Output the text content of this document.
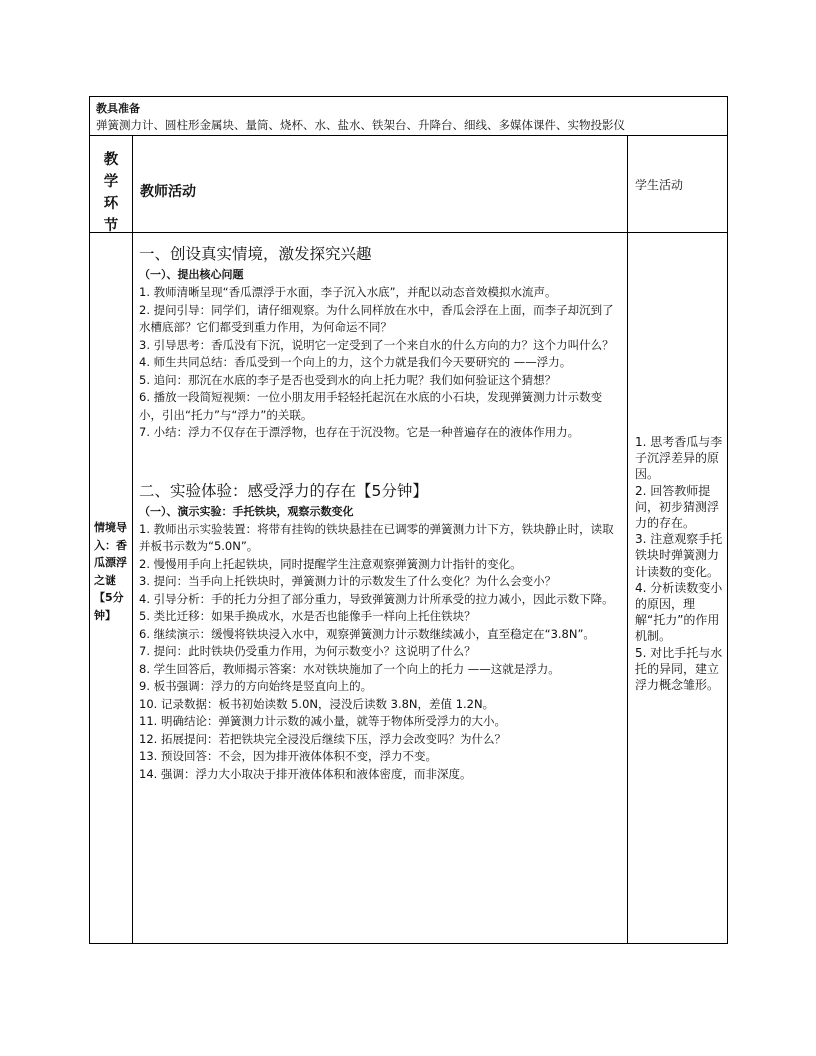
教具准备
弹簧测力计、圆柱形金属块、量筒、烧杯、水、盐水、铁架台、升降台、细线、多媒体课件、实物投影仪
教
学
环
节
教师活动	学生活动
情境导入：香瓜漂浮之谜【5分钟】

一、创设真实情境，激发探究兴趣

（一）、提出核心问题

1. 教师清晰呈现“香瓜漂浮于水面，李子沉入水底”，并配以动态音效模拟水流声。

2. 提问引导：同学们，请仔细观察。为什么同样放在水中，香瓜会浮在上面，而李子却沉到了水槽底部？它们都受到重力作用，为何命运不同？

3. 引导思考：香瓜没有下沉，说明它一定受到了一个来自水的什么方向的力？这个力叫什么？

4. 师生共同总结：香瓜受到一个向上的力，这个力就是我们今天要研究的 ——浮力。

5. 追问：那沉在水底的李子是否也受到水的向上托力呢？我们如何验证这个猜想？

6. 播放一段简短视频：一位小朋友用手轻轻托起沉在水底的小石块，发现弹簧测力计示数变小，引出“托力”与“浮力”的关联。

7. 小结：浮力不仅存在于漂浮物，也存在于沉没物。它是一种普遍存在的液体作用力。

二、实验体验：感受浮力的存在【5分钟】

（一）、演示实验：手托铁块，观察示数变化

1. 教师出示实验装置：将带有挂钩的铁块悬挂在已调零的弹簧测力计下方，铁块静止时，读取并板书示数为“5.0N”。

2. 慢慢用手向上托起铁块，同时提醒学生注意观察弹簧测力计指针的变化。

3. 提问：当手向上托铁块时，弹簧测力计的示数发生了什么变化？为什么会变小？

4. 引导分析：手的托力分担了部分重力，导致弹簧测力计所承受的拉力减小，因此示数下降。

5. 类比迁移：如果手换成水，水是否也能像手一样向上托住铁块？

6. 继续演示：缓慢将铁块浸入水中，观察弹簧测力计示数继续减小，直至稳定在“3.8N”。

7. 提问：此时铁块仍受重力作用，为何示数变小？这说明了什么？

8. 学生回答后，教师揭示答案：水对铁块施加了一个向上的托力 ——这就是浮力。

9. 板书强调：浮力的方向始终是竖直向上的。

10. 记录数据：板书初始读数 5.0N，浸没后读数 3.8N，差值 1.2N。

11. 明确结论：弹簧测力计示数的减小量，就等于物体所受浮力的大小。

12. 拓展提问：若把铁块完全浸没后继续下压，浮力会改变吗？为什么？

13. 预设回答：不会，因为排开液体体积不变，浮力不变。

14. 强调：浮力大小取决于排开液体体积和液体密度，而非深度。

1. 思考香瓜与李子沉浮差异的原因。
2. 回答教师提问，初步猜测浮力的存在。
3. 注意观察手托铁块时弹簧测力计读数的变化。
4. 分析读数变小的原因，理解“托力”的作用机制。
5. 对比手托与水托的异同，建立浮力概念雏形。
